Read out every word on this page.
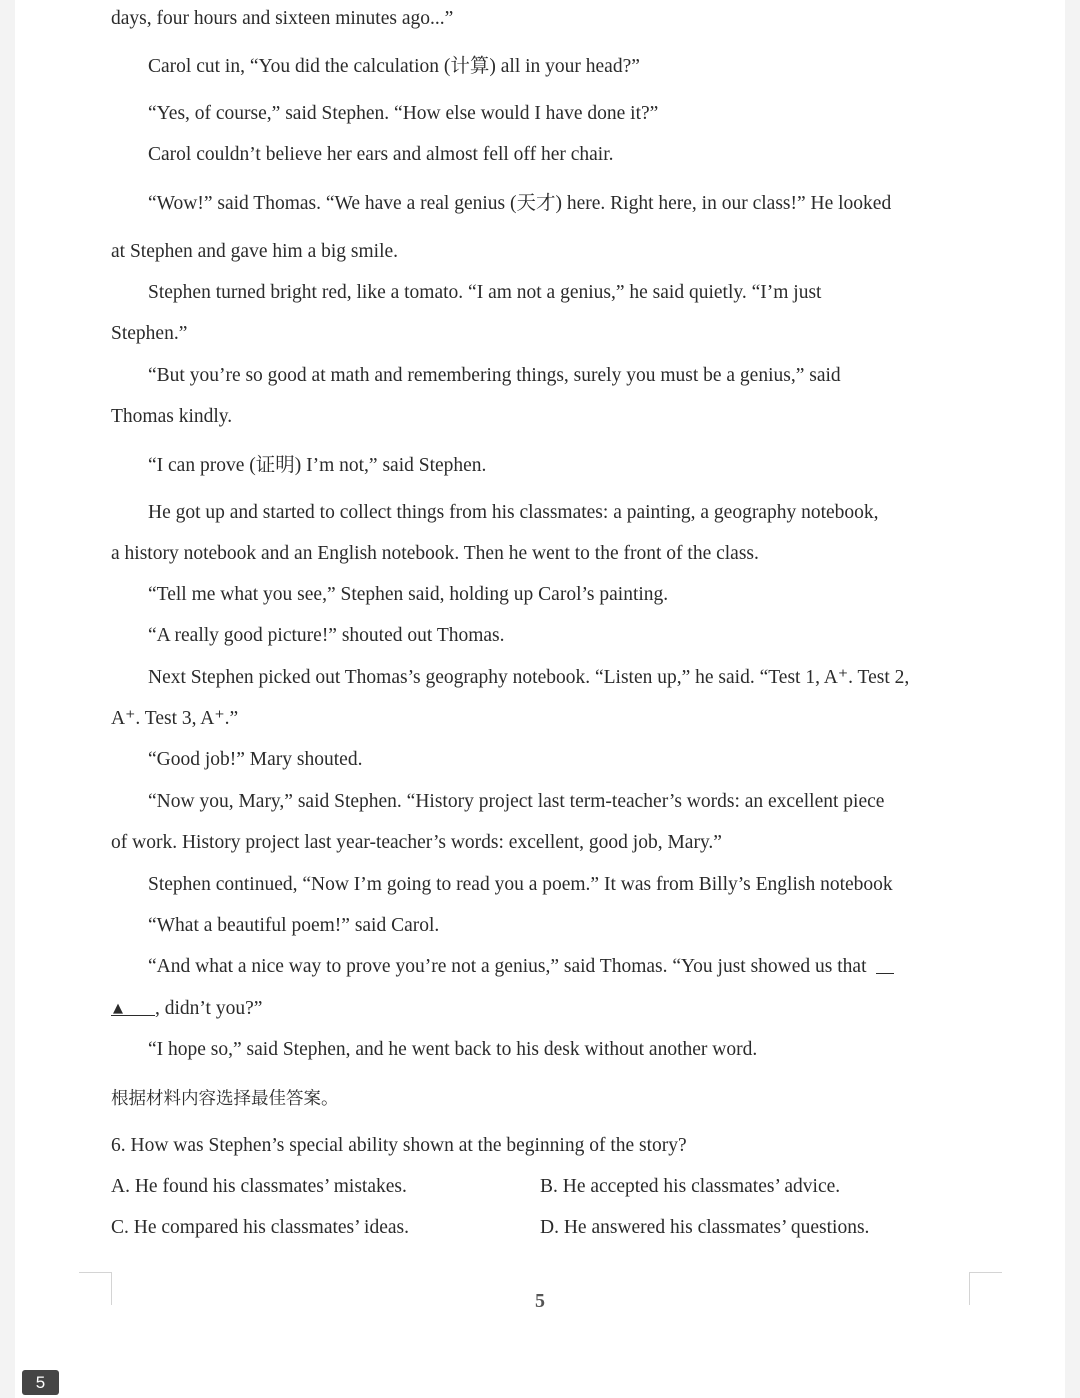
days, four hours and sixteen minutes ago...”
Carol cut in, “You did the calculation (计算) all in your head?”
“Yes, of course,” said Stephen. “How else would I have done it?”
Carol couldn’t believe her ears and almost fell off her chair.
“Wow!” said Thomas. “We have a real genius (天才) here. Right here, in our class!” He looked
at Stephen and gave him a big smile.
Stephen turned bright red, like a tomato. “I am not a genius,” he said quietly. “I’m just
Stephen.”
“But you’re so good at math and remembering things, surely you must be a genius,” said
Thomas kindly.
“I can prove (证明) I’m not,” said Stephen.
He got up and started to collect things from his classmates: a painting, a geography notebook,
a history notebook and an English notebook. Then he went to the front of the class.
“Tell me what you see,” Stephen said, holding up Carol’s painting.
“A really good picture!” shouted out Thomas.
Next Stephen picked out Thomas’s geography notebook. “Listen up,” he said. “Test 1, A⁺. Test 2,
A⁺. Test 3, A⁺.”
“Good job!” Mary shouted.
“Now you, Mary,” said Stephen. “History project last term-teacher’s words: an excellent piece
of work. History project last year-teacher’s words: excellent, good job, Mary.”
Stephen continued, “Now I’m going to read you a poem.” It was from Billy’s English notebook
“What a beautiful poem!” said Carol.
“And what a nice way to prove you’re not a genius,” said Thomas. “You just showed us that
▲ , didn’t you?”
“I hope so,” said Stephen, and he went back to his desk without another word.
根据材料内容选择最佳答案。
6. How was Stephen’s special ability shown at the beginning of the story?
A. He found his classmates’ mistakes.	B. He accepted his classmates’ advice.
C. He compared his classmates’ ideas.	D. He answered his classmates’ questions.
5
5
